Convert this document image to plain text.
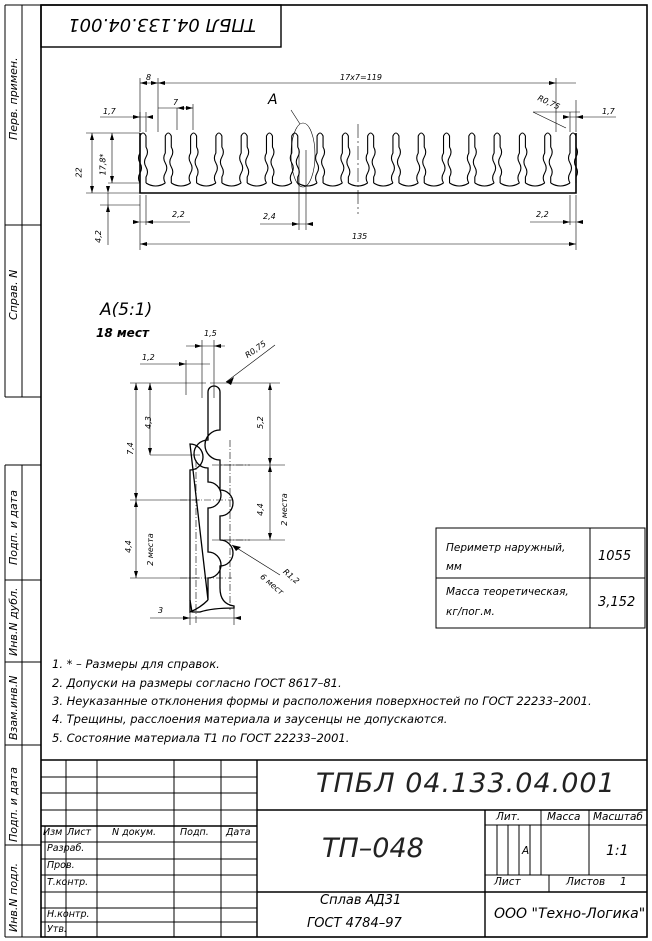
ТПБЛ 04.133.04.001
Перв. примен.
Справ. N
Подп. и дата
Инв.N дубл.
Взам.инв.N
Подп. и дата
Инв.N подл.
8	17x7=119
7
1,7	1,7
R0,75
A
22 17,8*
4,2
2,2	2,4	2,2
135
A(5:1)
18 мест	1,5
1,2	R0,75
4,3	5,2
7,4
4,4 2 места
4,4 2 места
R1,2
6 мест
3
Периметр наружный,
мм
1055
Масса теоретическая,
кг/пог.м.
3,152
1. * – Размеры для справок.
2. Допуски на размеры согласно ГОСТ 8617–81.
3. Неуказанные отклонения формы и расположения поверхностей по ГОСТ 22233–2001.
4. Трещины, расслоения материала и заусенцы не допускаются.
5. Состояние материала Т1 по ГОСТ 22233–2001.
ТПБЛ 04.133.04.001
ТП–048
Сплав АД31
ГОСТ 4784–97
ООО "Техно-Логика"
Изм Лист N докум.	Подп. Дата
Разраб.
Пров.
Т.контр.
Н.контр.
Утв.
Лит.	Масса Масштаб
А	1:1
Лист	Листов 1
